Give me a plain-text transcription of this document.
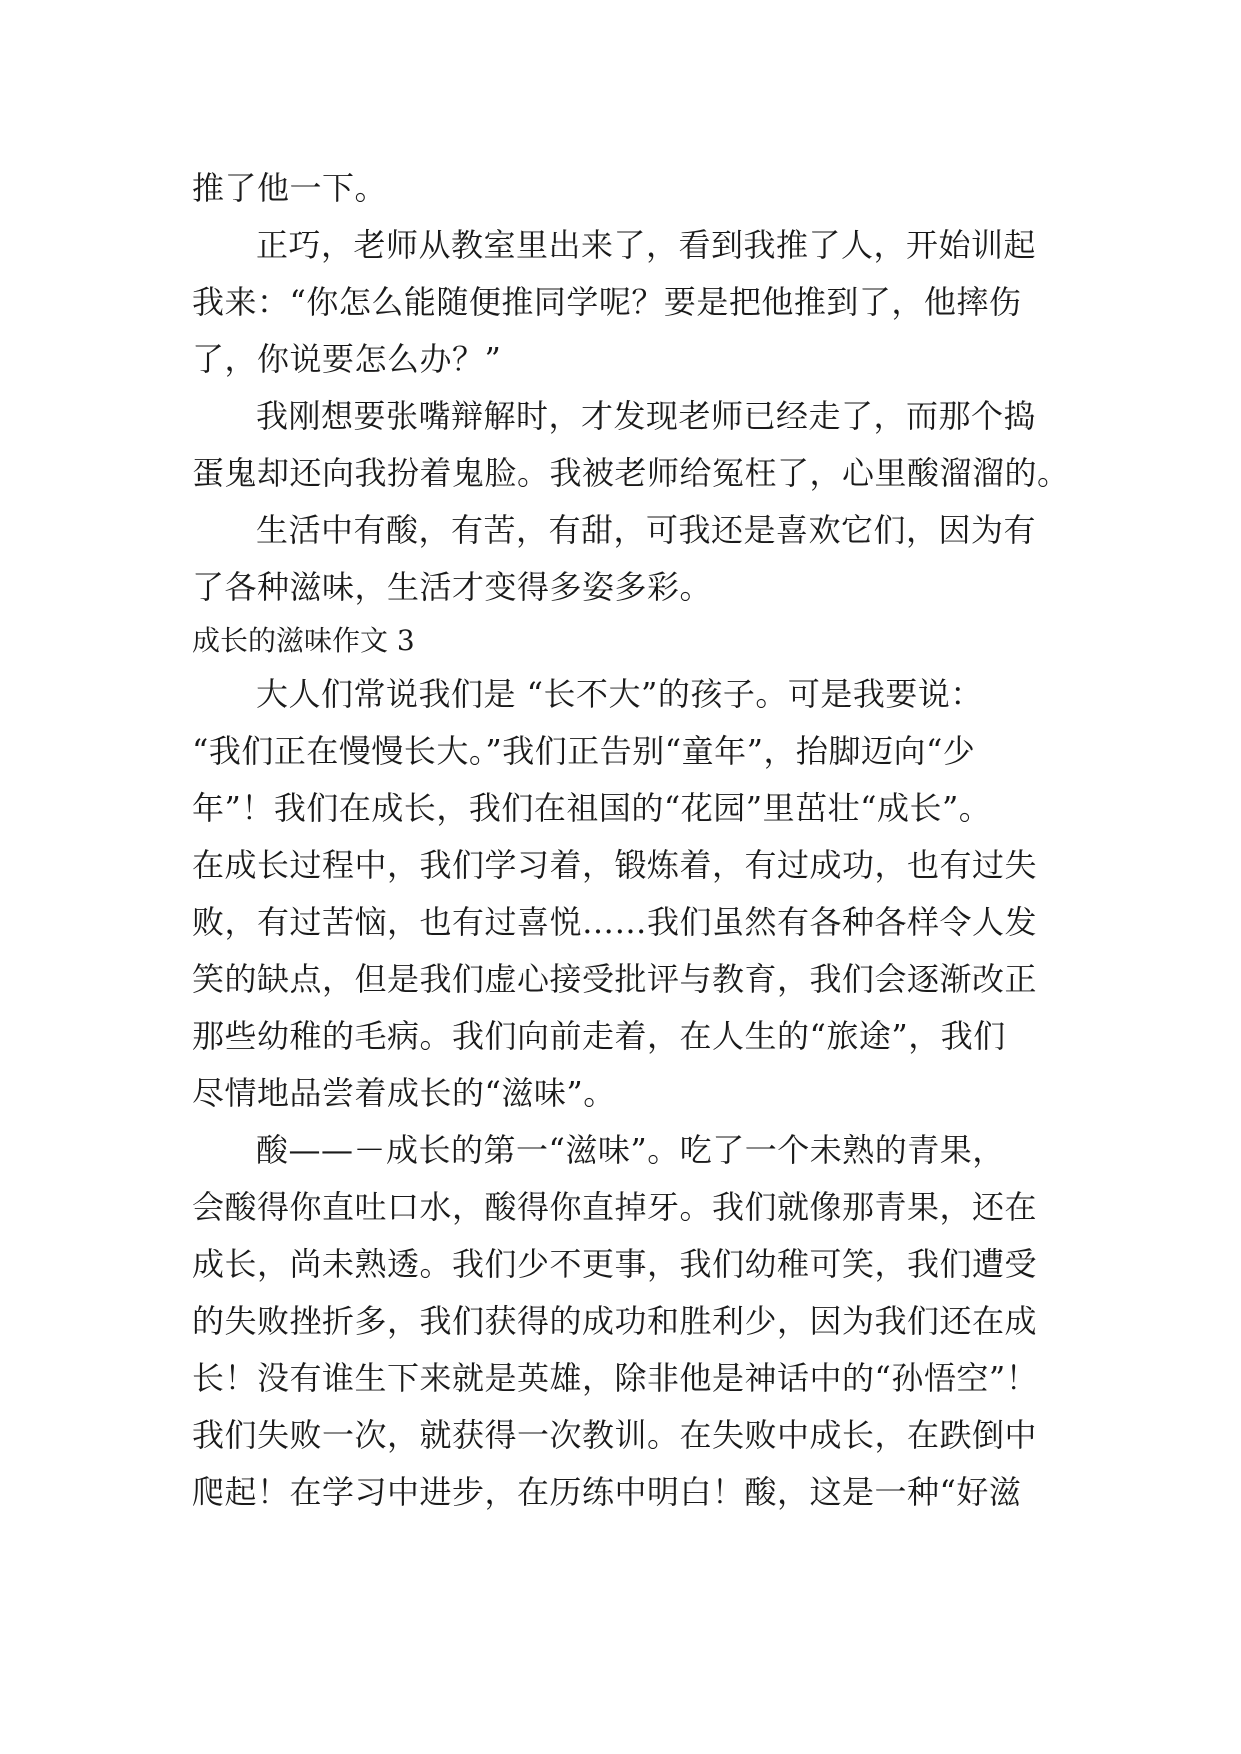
推了他一下。
正巧，老师从教室里出来了，看到我推了人，开始训起
我来：“你怎么能随便推同学呢？要是把他推到了，他摔伤
了，你说要怎么办？”
我刚想要张嘴辩解时，才发现老师已经走了，而那个捣
蛋鬼却还向我扮着鬼脸。我被老师给冤枉了，心里酸溜溜的。
生活中有酸，有苦，有甜，可我还是喜欢它们，因为有
了各种滋味，生活才变得多姿多彩。
成长的滋味作文 3
大人们常说我们是 “长不大”的孩子。可是我要说：
“我们正在慢慢长大。”我们正告别“童年”，抬脚迈向“少
年”！我们在成长，我们在祖国的“花园”里茁壮“成长”。
在成长过程中，我们学习着，锻炼着，有过成功，也有过失
败，有过苦恼，也有过喜悦……我们虽然有各种各样令人发
笑的缺点，但是我们虚心接受批评与教育，我们会逐渐改正
那些幼稚的毛病。我们向前走着，在人生的“旅途”，我们
尽情地品尝着成长的“滋味”。
酸——－成长的第一“滋味”。吃了一个未熟的青果，
会酸得你直吐口水，酸得你直掉牙。我们就像那青果，还在
成长，尚未熟透。我们少不更事，我们幼稚可笑，我们遭受
的失败挫折多，我们获得的成功和胜利少，因为我们还在成
长！没有谁生下来就是英雄，除非他是神话中的“孙悟空”！
我们失败一次，就获得一次教训。在失败中成长，在跌倒中
爬起！在学习中进步，在历练中明白！酸，这是一种“好滋
